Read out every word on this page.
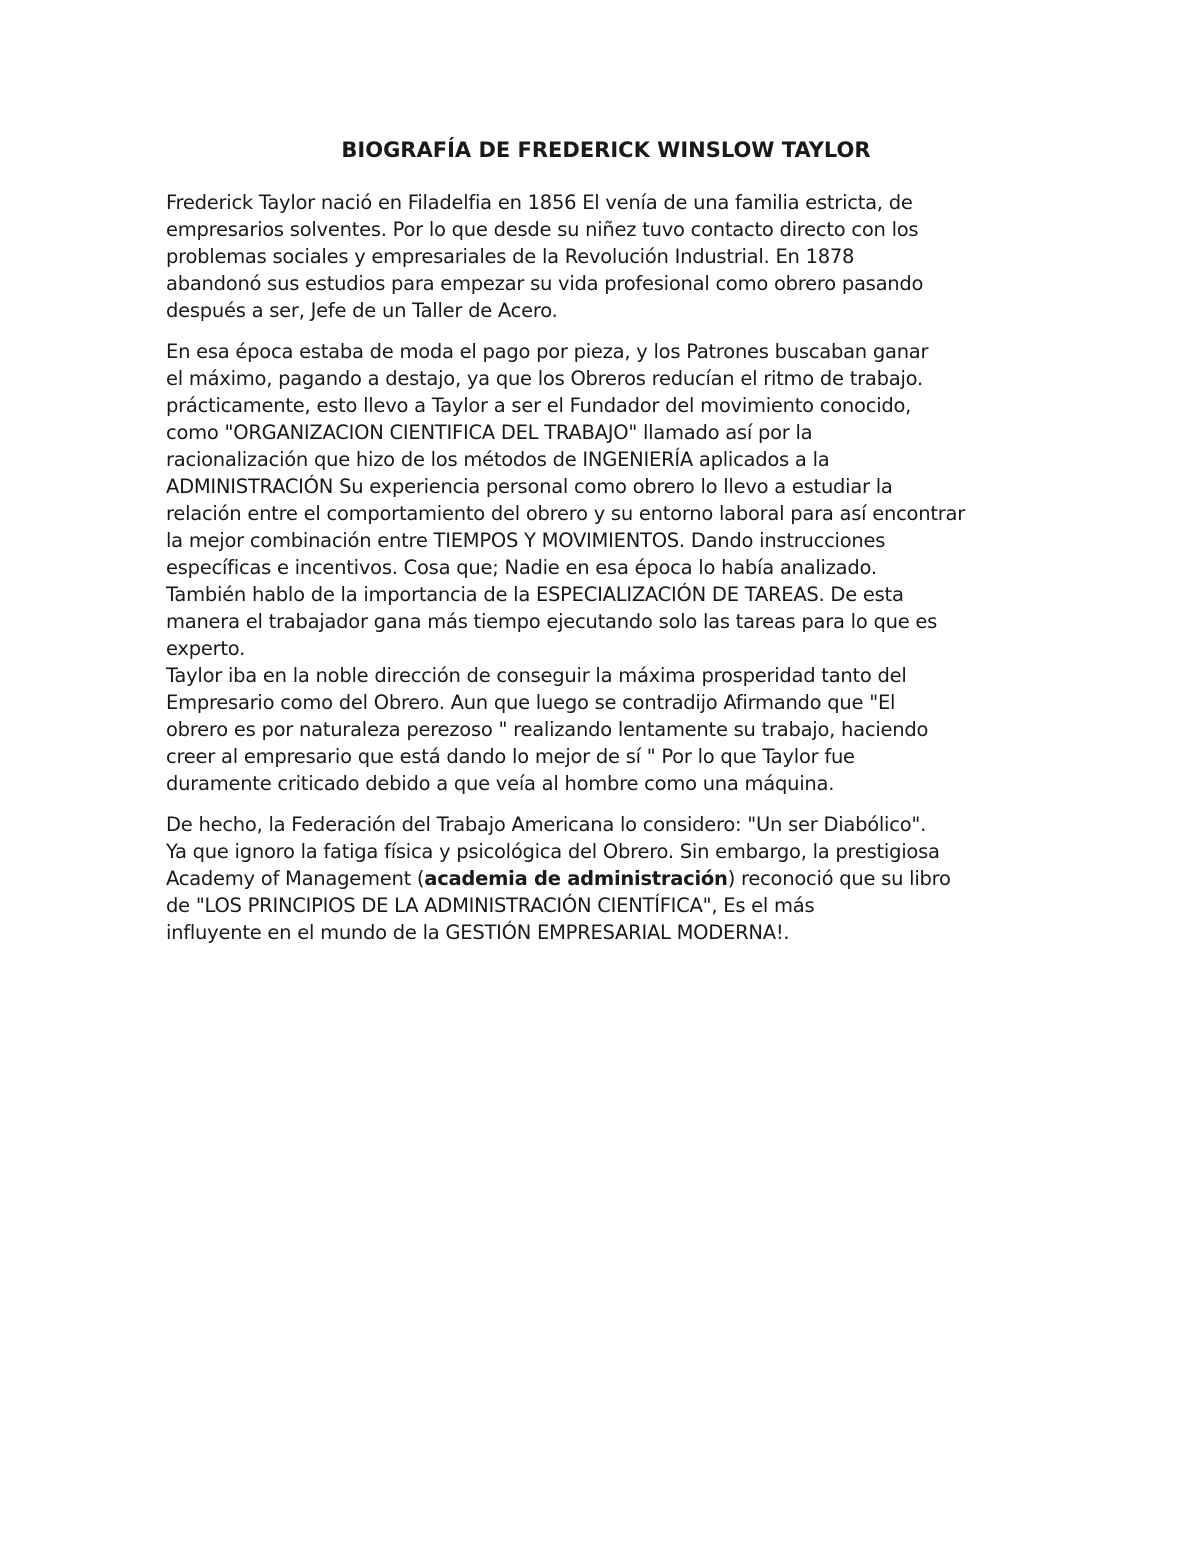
BIOGRAFÍA DE FREDERICK WINSLOW TAYLOR

Frederick Taylor nació en Filadelfia en 1856 El venía de una familia estricta, de
empresarios solventes. Por lo que desde su niñez tuvo contacto directo con los
problemas sociales y empresariales de la Revolución Industrial. En 1878
abandonó sus estudios para empezar su vida profesional como obrero pasando
después a ser, Jefe de un Taller de Acero.

En esa época estaba de moda el pago por pieza, y los Patrones buscaban ganar
el máximo, pagando a destajo, ya que los Obreros reducían el ritmo de trabajo.
prácticamente, esto llevo a Taylor a ser el Fundador del movimiento conocido,
como "ORGANIZACION CIENTIFICA DEL TRABAJO" llamado así por la
racionalización que hizo de los métodos de INGENIERÍA aplicados a la
ADMINISTRACIÓN Su experiencia personal como obrero lo llevo a estudiar la
relación entre el comportamiento del obrero y su entorno laboral para así encontrar
la mejor combinación entre TIEMPOS Y MOVIMIENTOS. Dando instrucciones
específicas e incentivos. Cosa que; Nadie en esa época lo había analizado.
También hablo de la importancia de la ESPECIALIZACIÓN DE TAREAS. De esta
manera el trabajador gana más tiempo ejecutando solo las tareas para lo que es
experto.
Taylor iba en la noble dirección de conseguir la máxima prosperidad tanto del
Empresario como del Obrero. Aun que luego se contradijo Afirmando que "El
obrero es por naturaleza perezoso " realizando lentamente su trabajo, haciendo
creer al empresario que está dando lo mejor de sí " Por lo que Taylor fue
duramente criticado debido a que veía al hombre como una máquina.

De hecho, la Federación del Trabajo Americana lo considero: "Un ser Diabólico".
Ya que ignoro la fatiga física y psicológica del Obrero. Sin embargo, la prestigiosa
Academy of Management (academia de administración) reconoció que su libro
de "LOS PRINCIPIOS DE LA ADMINISTRACIÓN CIENTÍFICA", Es el más
influyente en el mundo de la GESTIÓN EMPRESARIAL MODERNA!.
